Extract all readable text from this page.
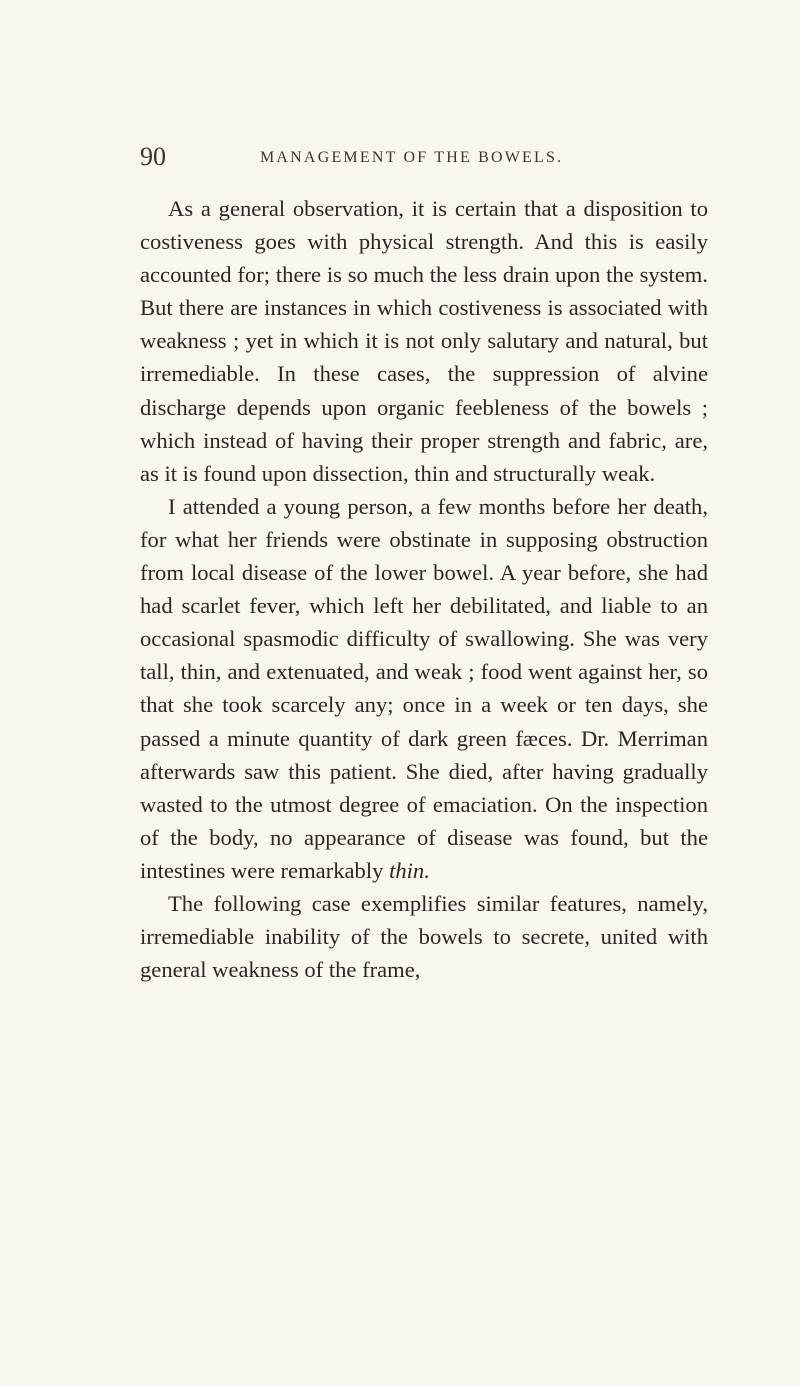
90	MANAGEMENT OF THE BOWELS.

As a general observation, it is certain that a disposition to costiveness goes with physical strength. And this is easily accounted for; there is so much the less drain upon the system. But there are instances in which costiveness is associated with weakness ; yet in which it is not only salutary and natural, but irremediable. In these cases, the suppression of alvine discharge depends upon organic feebleness of the bowels ; which instead of having their proper strength and fabric, are, as it is found upon dissection, thin and structurally weak.

I attended a young person, a few months before her death, for what her friends were obstinate in supposing obstruction from local disease of the lower bowel. A year before, she had had scarlet fever, which left her debilitated, and liable to an occasional spasmodic difficulty of swallowing. She was very tall, thin, and extenuated, and weak ; food went against her, so that she took scarcely any; once in a week or ten days, she passed a minute quantity of dark green fæces. Dr. Merriman afterwards saw this patient. She died, after having gradually wasted to the utmost degree of emaciation. On the inspection of the body, no appearance of disease was found, but the intestines were remarkably thin.

The following case exemplifies similar features, namely, irremediable inability of the bowels to secrete, united with general weakness of the frame,
